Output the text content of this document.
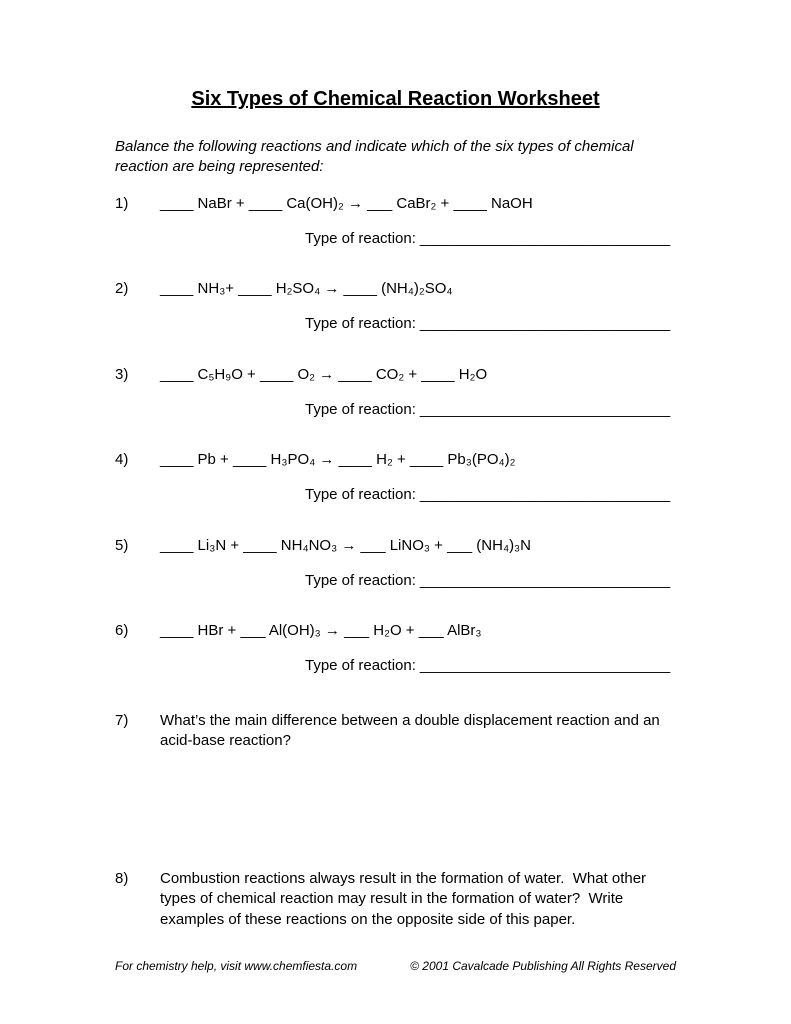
Six Types of Chemical Reaction Worksheet

Balance the following reactions and indicate which of the six types of chemical reaction are being represented:

1)	____ NaBr + ____ Ca(OH)₂ → ___ CaBr₂ + ____ NaOH
Type of reaction: ______________________________
2)	____ NH₃+ ____ H₂SO₄ → ____ (NH₄)₂SO₄
Type of reaction: ______________________________
3)	____ C₅H₉O + ____ O₂ → ____ CO₂ + ____ H₂O
Type of reaction: ______________________________
4)	____ Pb + ____ H₃PO₄ → ____ H₂ + ____ Pb₃(PO₄)₂
Type of reaction: ______________________________
5)	____ Li₃N + ____ NH₄NO₃ → ___ LiNO₃ + ___ (NH₄)₃N
Type of reaction: ______________________________
6)	____ HBr + ___ Al(OH)₃ → ___ H₂O + ___ AlBr₃
Type of reaction: ______________________________
7)	What’s the main difference between a double displacement reaction and an acid-base reaction?
8)	Combustion reactions always result in the formation of water.  What other types of chemical reaction may result in the formation of water?  Write examples of these reactions on the opposite side of this paper.
For chemistry help, visit www.chemfiesta.com	© 2001 Cavalcade Publishing All Rights Reserved
